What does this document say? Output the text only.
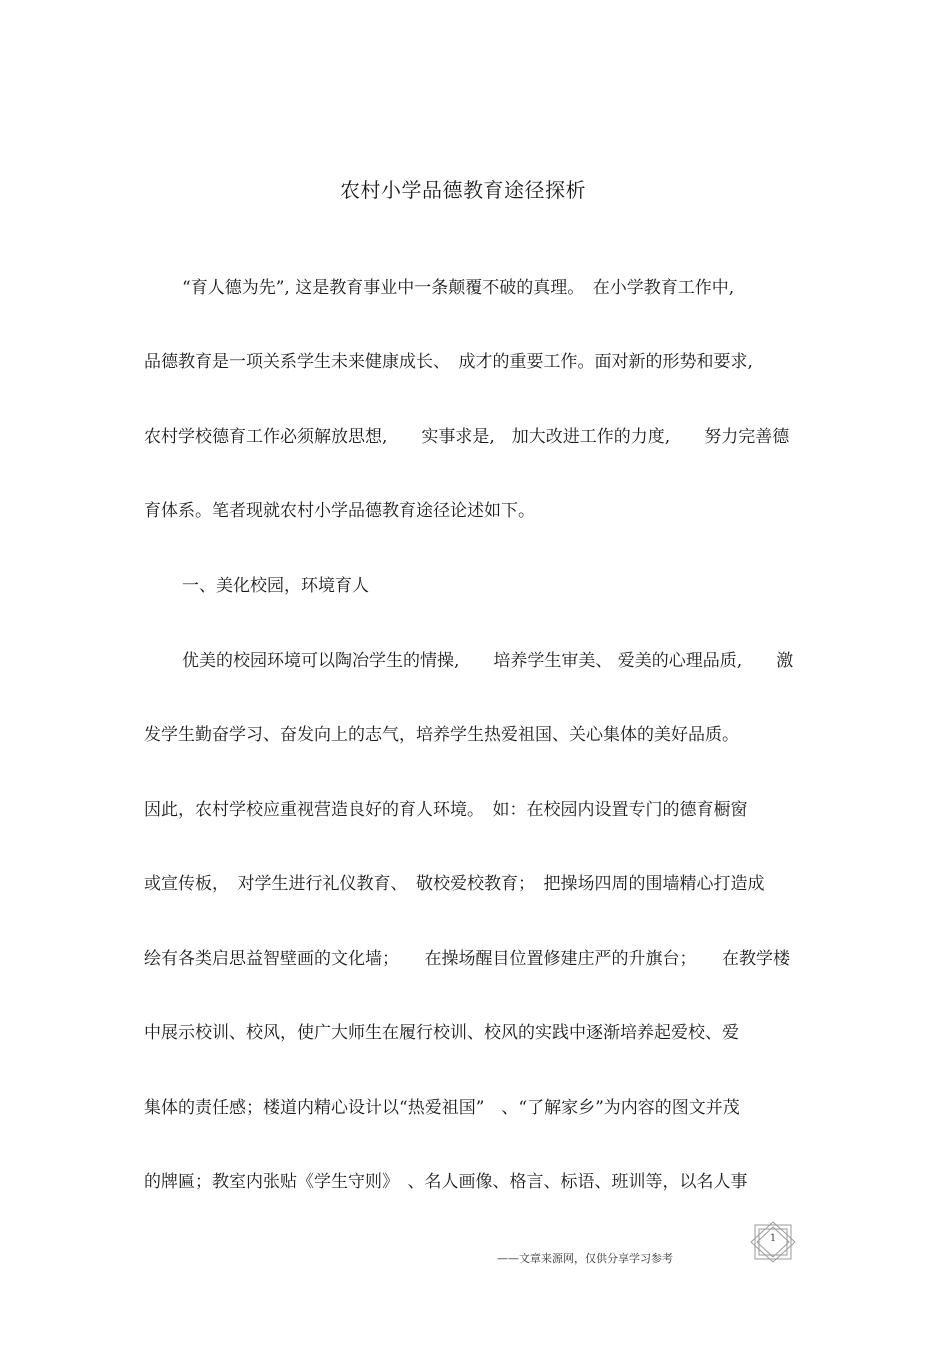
农村小学品德教育途径探析
“育人德为先”, 这是教育事业中一条颠覆不破的真理。　在小学教育工作中,
品德教育是一项关系学生未来健康成长、　成才的重要工作。面对新的形势和要求,
农村学校德育工作必须解放思想,　　实事求是,　加大改进工作的力度,　　努力完善德
育体系。笔者现就农村小学品德教育途径论述如下。
一、美化校园，环境育人
优美的校园环境可以陶冶学生的情操,　　培养学生审美、 爱美的心理品质,　　激
发学生勤奋学习、奋发向上的志气，培养学生热爱祖国、关心集体的美好品质。
因此，农村学校应重视营造良好的育人环境。　如：在校园内设置专门的德育橱窗
或宣传板，　对学生进行礼仪教育、　敬校爱校教育；　把操场四周的围墙精心打造成
绘有各类启思益智壁画的文化墙；　　在操场醒目位置修建庄严的升旗台；　　在教学楼
中展示校训、校风，使广大师生在履行校训、校风的实践中逐渐培养起爱校、爱
集体的责任感；楼道内精心设计以“热爱祖国”　、“了解家乡”为内容的图文并茂
的牌匾；教室内张贴《学生守则》　、名人画像、格言、标语、班训等，以名人事
——文章来源网，仅供分享学习参考
1
